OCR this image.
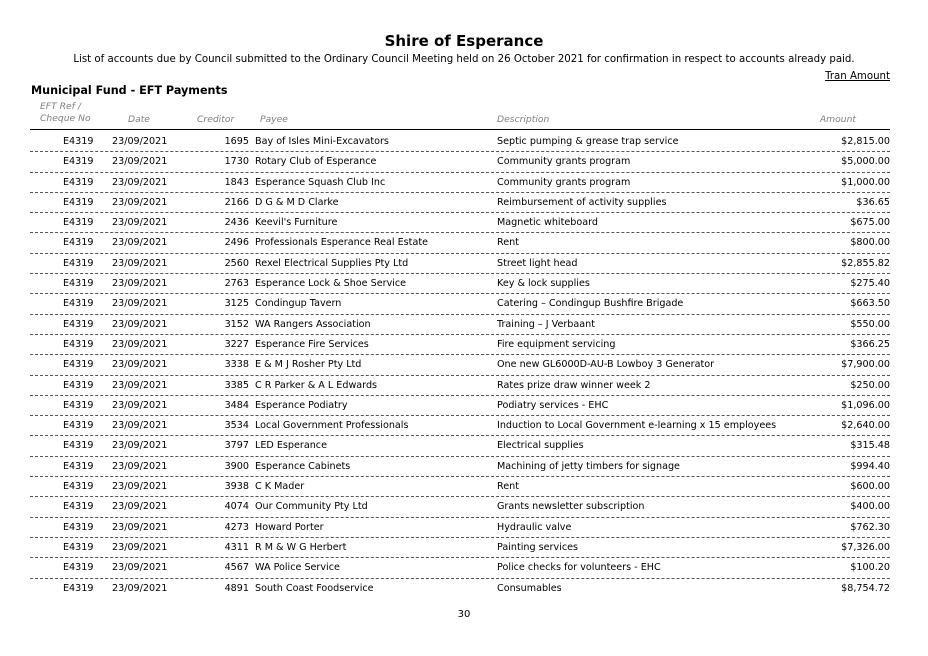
Shire of Esperance
List of accounts due by Council submitted to the Ordinary Council Meeting held on 26 October 2021 for confirmation in respect to accounts already paid.
Tran Amount
Municipal Fund - EFT Payments
EFT Ref / Cheque No	Date	Creditor	Payee	Description	Amount
E4319 23/09/2021	1695 Bay of Isles Mini-Excavators	Septic pumping & grease trap service	$2,815.00
E4319 23/09/2021	1730 Rotary Club of Esperance	Community grants program	$5,000.00
E4319 23/09/2021	1843 Esperance Squash Club Inc	Community grants program	$1,000.00
E4319 23/09/2021	2166 D G & M D Clarke	Reimbursement of activity supplies	$36.65
E4319 23/09/2021	2436 Keevil's Furniture	Magnetic whiteboard	$675.00
E4319 23/09/2021	2496 Professionals Esperance Real Estate	Rent	$800.00
E4319 23/09/2021	2560 Rexel Electrical Supplies Pty Ltd	Street light head	$2,855.82
E4319 23/09/2021	2763 Esperance Lock & Shoe Service	Key & lock supplies	$275.40
E4319 23/09/2021	3125 Condingup Tavern	Catering – Condingup Bushfire Brigade	$663.50
E4319 23/09/2021	3152 WA Rangers Association	Training – J Verbaant	$550.00
E4319 23/09/2021	3227 Esperance Fire Services	Fire equipment servicing	$366.25
E4319 23/09/2021	3338 E & M J Rosher Pty Ltd	One new GL6000D-AU-B Lowboy 3 Generator	$7,900.00
E4319 23/09/2021	3385 C R Parker & A L Edwards	Rates prize draw winner week 2	$250.00
E4319 23/09/2021	3484 Esperance Podiatry	Podiatry services - EHC	$1,096.00
E4319 23/09/2021	3534 Local Government Professionals	Induction to Local Government e-learning x 15 employees	$2,640.00
E4319 23/09/2021	3797 LED Esperance	Electrical supplies	$315.48
E4319 23/09/2021	3900 Esperance Cabinets	Machining of jetty timbers for signage	$994.40
E4319 23/09/2021	3938 C K Mader	Rent	$600.00
E4319 23/09/2021	4074 Our Community Pty Ltd	Grants newsletter subscription	$400.00
E4319 23/09/2021	4273 Howard Porter	Hydraulic valve	$762.30
E4319 23/09/2021	4311 R M & W G Herbert	Painting services	$7,326.00
E4319 23/09/2021	4567 WA Police Service	Police checks for volunteers - EHC	$100.20
E4319 23/09/2021	4891 South Coast Foodservice	Consumables	$8,754.72
30
